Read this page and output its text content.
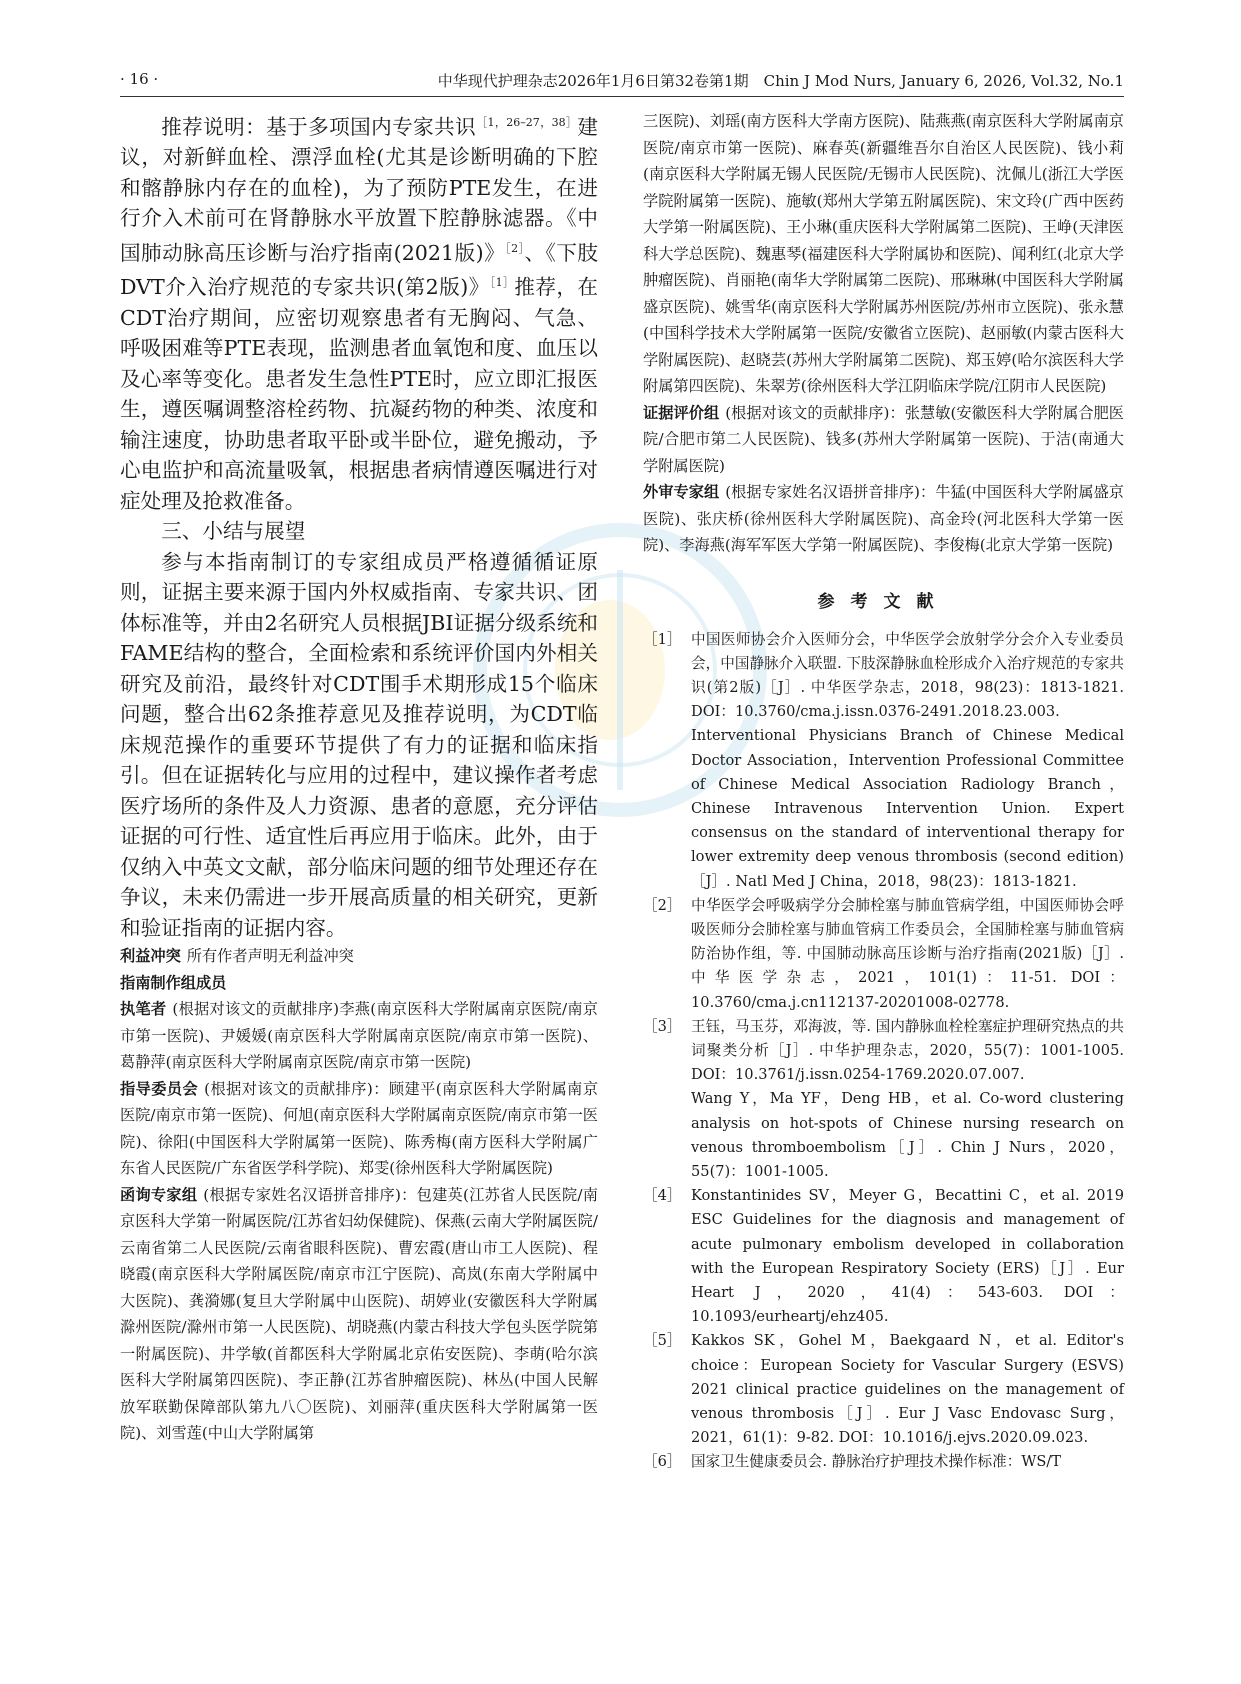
· 16 ·	中华现代护理杂志2026年1月6日第32卷第1期　Chin J Mod Nurs, January 6, 2026, Vol.32, No.1

推荐说明：基于多项国内专家共识$^{[1,26-27,38]}$建议，对新鲜血栓、漂浮血栓(尤其是诊断明确的下腔和髂静脉内存在的血栓)，为了预防PTE发生，在进行介入术前可在肾静脉水平放置下腔静脉滤器。《中国肺动脉高压诊断与治疗指南(2021版)》$^{[2]}$、《下肢DVT介入治疗规范的专家共识(第2版)》$^{[1]}$推荐，在CDT治疗期间，应密切观察患者有无胸闷、气急、呼吸困难等PTE表现，监测患者血氧饱和度、血压以及心率等变化。患者发生急性PTE时，应立即汇报医生，遵医嘱调整溶栓药物、抗凝药物的种类、浓度和输注速度，协助患者取平卧或半卧位，避免搬动，予心电监护和高流量吸氧，根据患者病情遵医嘱进行对症处理及抢救准备。

三、小结与展望

参与本指南制订的专家组成员严格遵循循证原则，证据主要来源于国内外权威指南、专家共识、团体标准等，并由2名研究人员根据JBI证据分级系统和FAME结构的整合，全面检索和系统评价国内外相关研究及前沿，最终针对CDT围手术期形成15个临床问题，整合出62条推荐意见及推荐说明，为CDT临床规范操作的重要环节提供了有力的证据和临床指引。但在证据转化与应用的过程中，建议操作者考虑医疗场所的条件及人力资源、患者的意愿，充分评估证据的可行性、适宜性后再应用于临床。此外，由于仅纳入中英文文献，部分临床问题的细节处理还存在争议，未来仍需进一步开展高质量的相关研究，更新和验证指南的证据内容。

利益冲突 所有作者声明无利益冲突

指南制作组成员

执笔者 (根据对该文的贡献排序)李燕(南京医科大学附属南京医院/南京市第一医院)、尹媛媛(南京医科大学附属南京医院/南京市第一医院)、葛静萍(南京医科大学附属南京医院/南京市第一医院)

指导委员会 (根据对该文的贡献排序)：顾建平(南京医科大学附属南京医院/南京市第一医院)、何旭(南京医科大学附属南京医院/南京市第一医院)、徐阳(中国医科大学附属第一医院)、陈秀梅(南方医科大学附属广东省人民医院/广东省医学科学院)、郑雯(徐州医科大学附属医院)

函询专家组 (根据专家姓名汉语拼音排序)：包建英(江苏省人民医院/南京医科大学第一附属医院/江苏省妇幼保健院)、保燕(云南大学附属医院/云南省第二人民医院/云南省眼科医院)、曹宏霞(唐山市工人医院)、程晓霞(南京医科大学附属医院/南京市江宁医院)、高岚(东南大学附属中大医院)、龚漪娜(复旦大学附属中山医院)、胡婷业(安徽医科大学附属滁州医院/滁州市第一人民医院)、胡晓燕(内蒙古科技大学包头医学院第一附属医院)、井学敏(首都医科大学附属北京佑安医院)、李萌(哈尔滨医科大学附属第四医院)、李正静(江苏省肿瘤医院)、林丛(中国人民解放军联勤保障部队第九八〇医院)、刘丽萍(重庆医科大学附属第一医院)、刘雪莲(中山大学附属第

三医院)、刘瑶(南方医科大学南方医院)、陆燕燕(南京医科大学附属南京医院/南京市第一医院)、麻春英(新疆维吾尔自治区人民医院)、钱小莉(南京医科大学附属无锡人民医院/无锡市人民医院)、沈佩儿(浙江大学医学院附属第一医院)、施敏(郑州大学第五附属医院)、宋文玲(广西中医药大学第一附属医院)、王小琳(重庆医科大学附属第二医院)、王峥(天津医科大学总医院)、魏惠琴(福建医科大学附属协和医院)、闻利红(北京大学肿瘤医院)、肖丽艳(南华大学附属第二医院)、邢琳琳(中国医科大学附属盛京医院)、姚雪华(南京医科大学附属苏州医院/苏州市立医院)、张永慧(中国科学技术大学附属第一医院/安徽省立医院)、赵丽敏(内蒙古医科大学附属医院)、赵晓芸(苏州大学附属第二医院)、郑玉婷(哈尔滨医科大学附属第四医院)、朱翠芳(徐州医科大学江阴临床学院/江阴市人民医院)

证据评价组 (根据对该文的贡献排序)：张慧敏(安徽医科大学附属合肥医院/合肥市第二人民医院)、钱多(苏州大学附属第一医院)、于洁(南通大学附属医院)

外审专家组 (根据专家姓名汉语拼音排序)：牛猛(中国医科大学附属盛京医院)、张庆桥(徐州医科大学附属医院)、高金玲(河北医科大学第一医院)、李海燕(海军军医大学第一附属医院)、李俊梅(北京大学第一医院)

参考文献
［1］ 中国医师协会介入医师分会，中华医学会放射学分会介入专业委员会，中国静脉介入联盟. 下肢深静脉血栓形成介入治疗规范的专家共识(第2版)［J］. 中华医学杂志，2018，98(23)：1813-1821. DOI：10.3760/cma.j.issn.0376-2491.2018.23.003.

Interventional Physicians Branch of Chinese Medical Doctor Association，Intervention Professional Committee of Chinese Medical Association Radiology Branch，Chinese Intravenous Intervention Union. Expert consensus on the standard of interventional therapy for lower extremity deep venous thrombosis (second edition)［J］. Natl Med J China，2018，98(23)：1813-1821.

［2］ 中华医学会呼吸病学分会肺栓塞与肺血管病学组，中国医师协会呼吸医师分会肺栓塞与肺血管病工作委员会，全国肺栓塞与肺血管病防治协作组，等. 中国肺动脉高压诊断与治疗指南(2021版)［J］. 中华医学杂志，2021，101(1)：11-51. DOI：10.3760/cma.j.cn112137-20201008-02778.

［3］ 王钰，马玉芬，邓海波，等. 国内静脉血栓栓塞症护理研究热点的共词聚类分析［J］. 中华护理杂志，2020，55(7)：1001-1005. DOI：10.3761/j.issn.0254-1769.2020.07.007.

Wang Y，Ma YF，Deng HB，et al. Co-word clustering analysis on hot-spots of Chinese nursing research on venous thromboembolism［J］. Chin J Nurs，2020，55(7)：1001-1005.

［4］ Konstantinides SV，Meyer G，Becattini C，et al. 2019 ESC Guidelines for the diagnosis and management of acute pulmonary embolism developed in collaboration with the European Respiratory Society (ERS)［J］. Eur Heart J，2020，41(4)：543-603. DOI：10.1093/eurheartj/ehz405.

［5］ Kakkos SK，Gohel M，Baekgaard N，et al. Editor's choice：European Society for Vascular Surgery (ESVS) 2021 clinical practice guidelines on the management of venous thrombosis［J］. Eur J Vasc Endovasc Surg，2021，61(1)：9-82. DOI：10.1016/j.ejvs.2020.09.023.

［6］ 国家卫生健康委员会. 静脉治疗护理技术操作标准：WS/T
